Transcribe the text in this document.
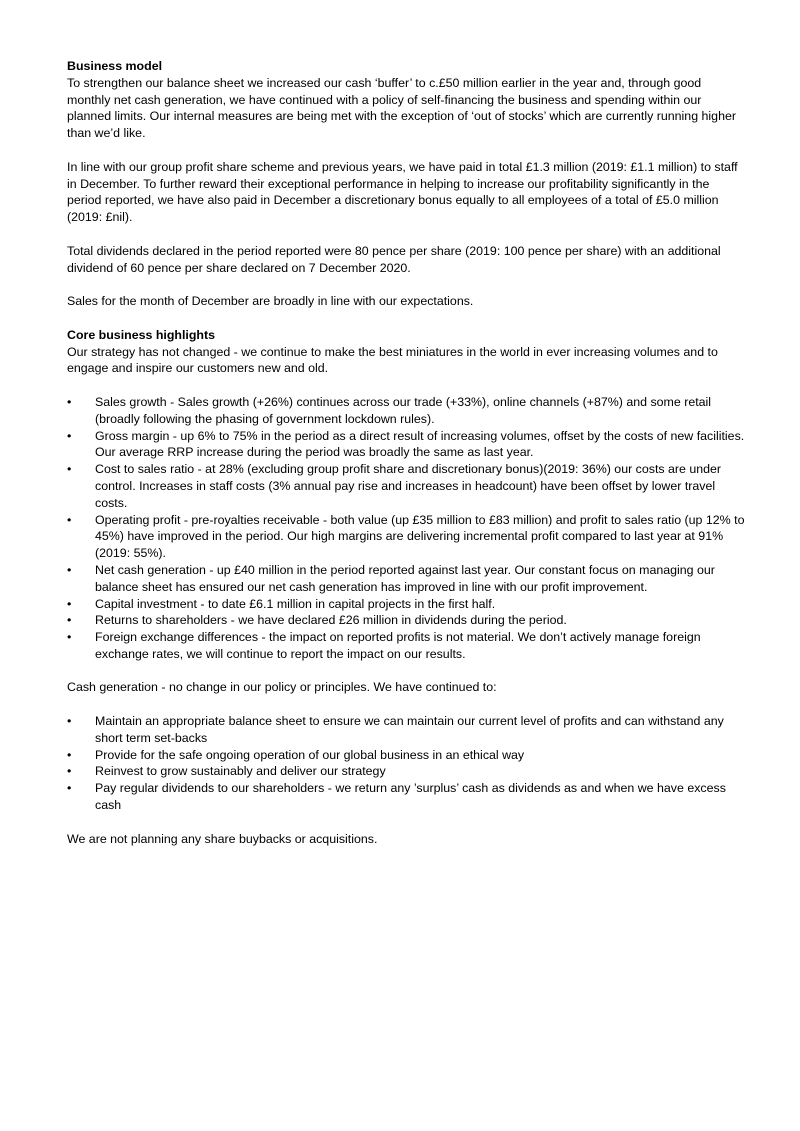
Business model

To strengthen our balance sheet we increased our cash ‘buffer’ to c.£50 million earlier in the year and, through good monthly net cash generation, we have continued with a policy of self-financing the business and spending within our planned limits. Our internal measures are being met with the exception of ‘out of stocks’ which are currently running higher than we’d like.

In line with our group profit share scheme and previous years, we have paid in total £1.3 million (2019: £1.1 million) to staff in December. To further reward their exceptional performance in helping to increase our profitability significantly in the period reported, we have also paid in December a discretionary bonus equally to all employees of a total of £5.0 million (2019: £nil).

Total dividends declared in the period reported were 80 pence per share (2019: 100 pence per share) with an additional dividend of 60 pence per share declared on 7 December 2020.

Sales for the month of December are broadly in line with our expectations.

Core business highlights

Our strategy has not changed - we continue to make the best miniatures in the world in ever increasing volumes and to engage and inspire our customers new and old.

•	Sales growth - Sales growth (+26%) continues across our trade (+33%), online channels (+87%) and some retail (broadly following the phasing of government lockdown rules).
•	Gross margin - up 6% to 75% in the period as a direct result of increasing volumes, offset by the costs of new facilities. Our average RRP increase during the period was broadly the same as last year.
•	Cost to sales ratio - at 28% (excluding group profit share and discretionary bonus)(2019: 36%) our costs are under control. Increases in staff costs (3% annual pay rise and increases in headcount) have been offset by lower travel costs.
•	Operating profit - pre-royalties receivable - both value (up £35 million to £83 million) and profit to sales ratio (up 12% to 45%) have improved in the period. Our high margins are delivering incremental profit compared to last year at 91% (2019: 55%).
•	Net cash generation - up £40 million in the period reported against last year. Our constant focus on managing our balance sheet has ensured our net cash generation has improved in line with our profit improvement.
•	Capital investment - to date £6.1 million in capital projects in the first half.
•	Returns to shareholders - we have declared £26 million in dividends during the period.
•	Foreign exchange differences - the impact on reported profits is not material. We don’t actively manage foreign exchange rates, we will continue to report the impact on our results.

Cash generation - no change in our policy or principles. We have continued to:

•	Maintain an appropriate balance sheet to ensure we can maintain our current level of profits and can withstand any short term set-backs
•	Provide for the safe ongoing operation of our global business in an ethical way
•	Reinvest to grow sustainably and deliver our strategy
•	Pay regular dividends to our shareholders - we return any ’surplus’ cash as dividends as and when we have excess cash

We are not planning any share buybacks or acquisitions.
